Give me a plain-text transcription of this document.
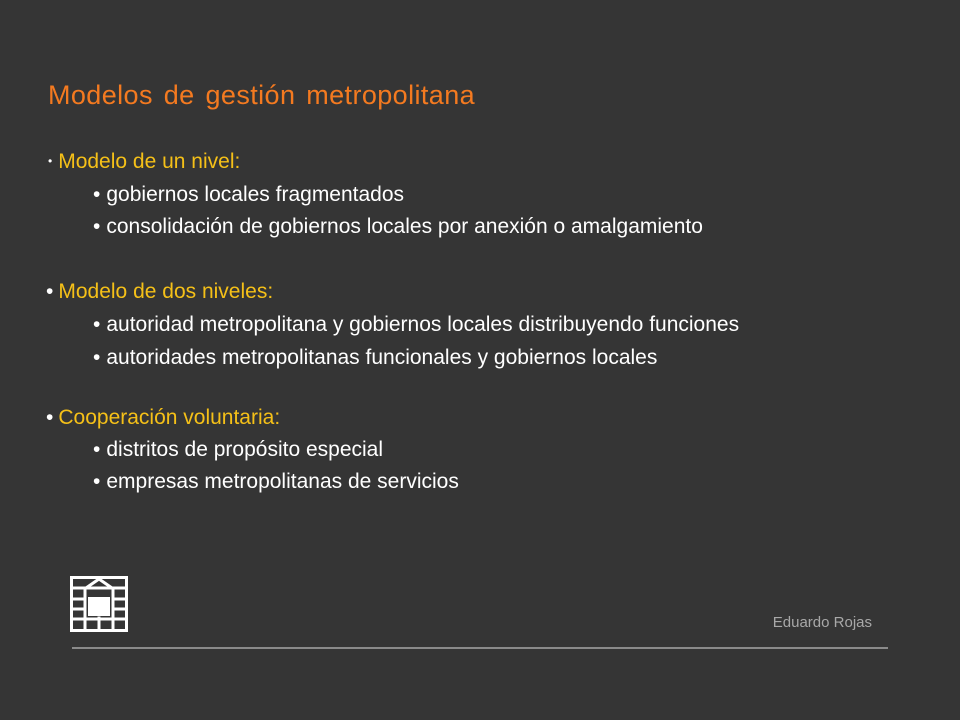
Modelos de gestión metropolitana
• Modelo de un nivel:
• gobiernos locales fragmentados
• consolidación de gobiernos locales por anexión o amalgamiento
• Modelo de dos niveles:
• autoridad metropolitana y gobiernos locales distribuyendo funciones
• autoridades metropolitanas funcionales y gobiernos locales
• Cooperación voluntaria:
• distritos de propósito especial
• empresas metropolitanas de servicios
Eduardo Rojas
